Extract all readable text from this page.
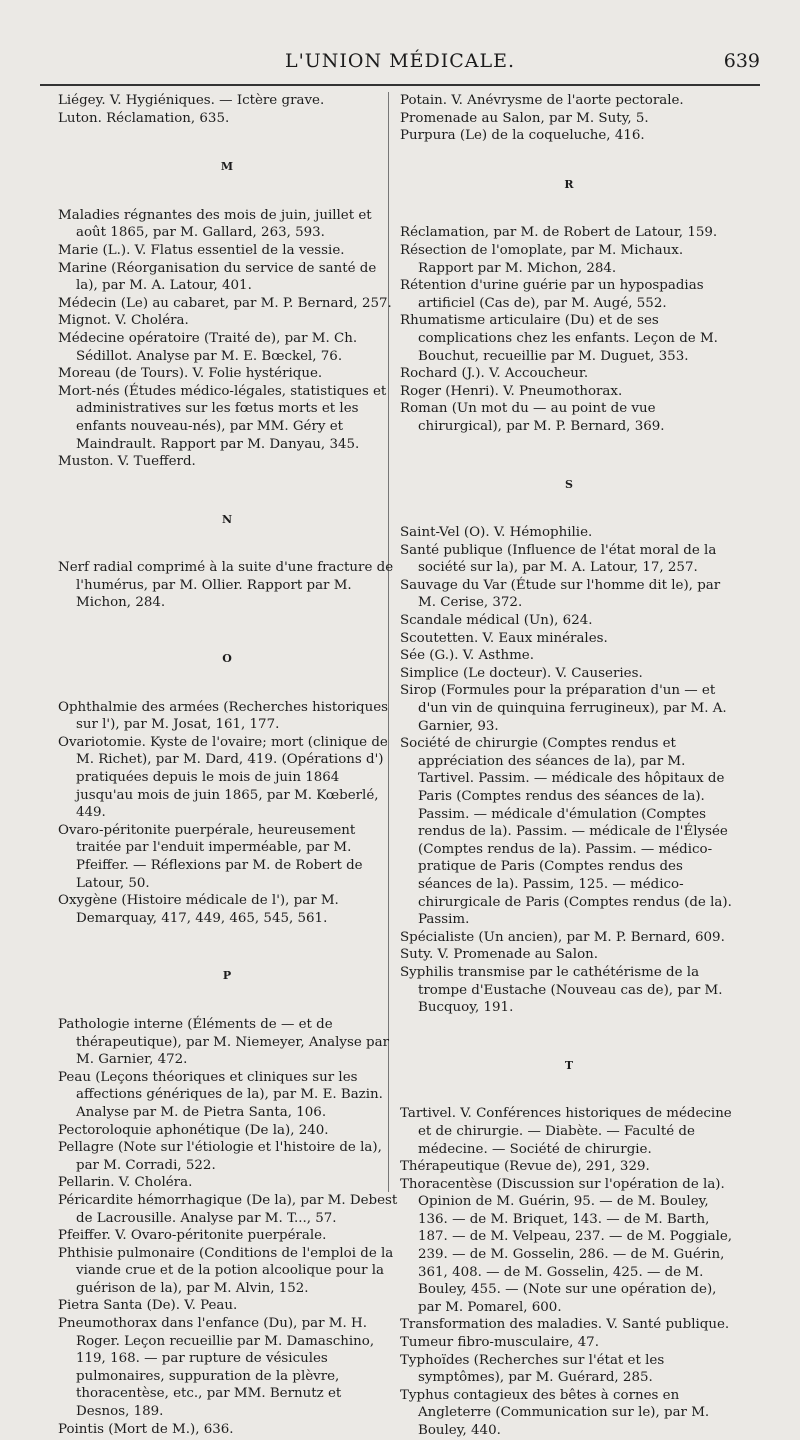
L'UNION MÉDICALE.	639

Liégey. V. Hygiéniques. — Ictère grave.

Luton. Réclamation, 635.

M

Maladies régnantes des mois de juin, juillet et août 1865, par M. Gallard, 263, 593.

Marie (L.). V. Flatus essentiel de la vessie.

Marine (Réorganisation du service de santé de la), par M. A. Latour, 401.

Médecin (Le) au cabaret, par M. P. Bernard, 257.

Mignot. V. Choléra.

Médecine opératoire (Traité de), par M. Ch. Sédillot. Analyse par M. E. Bœckel, 76.

Moreau (de Tours). V. Folie hystérique.

Mort-nés (Études médico-légales, statistiques et administratives sur les fœtus morts et les enfants nouveau-nés), par MM. Géry et Maindrault. Rapport par M. Danyau, 345.

Muston. V. Tuefferd.

N

Nerf radial comprimé à la suite d'une fracture de l'humérus, par M. Ollier. Rapport par M. Michon, 284.

O

Ophthalmie des armées (Recherches historiques sur l'), par M. Josat, 161, 177.

Ovariotomie. Kyste de l'ovaire; mort (clinique de M. Richet), par M. Dard, 419. (Opérations d') pratiquées depuis le mois de juin 1864 jusqu'au mois de juin 1865, par M. Kœberlé, 449.

Ovaro-péritonite puerpérale, heureusement traitée par l'enduit imperméable, par M. Pfeiffer. — Réflexions par M. de Robert de Latour, 50.

Oxygène (Histoire médicale de l'), par M. Demarquay, 417, 449, 465, 545, 561.

P

Pathologie interne (Éléments de — et de thérapeutique), par M. Niemeyer, Analyse par M. Garnier, 472.

Peau (Leçons théoriques et cliniques sur les affections génériques de la), par M. E. Bazin. Analyse par M. de Pietra Santa, 106.

Pectoroloquie aphonétique (De la), 240.

Pellagre (Note sur l'étiologie et l'histoire de la), par M. Corradi, 522.

Pellarin. V. Choléra.

Péricardite hémorrhagique (De la), par M. Debest de Lacrousille. Analyse par M. T..., 57.

Pfeiffer. V. Ovaro-péritonite puerpérale.

Phthisie pulmonaire (Conditions de l'emploi de la viande crue et de la potion alcoolique pour la guérison de la), par M. Alvin, 152.

Pietra Santa (De). V. Peau.

Pneumothorax dans l'enfance (Du), par M. H. Roger. Leçon recueillie par M. Damaschino, 119, 168. — par rupture de vésicules pulmonaires, suppuration de la plèvre, thoracentèse, etc., par MM. Bernutz et Desnos, 189.

Pointis (Mort de M.), 636.

Potain. V. Anévrysme de l'aorte pectorale.

Promenade au Salon, par M. Suty, 5.

Purpura (Le) de la coqueluche, 416.

R

Réclamation, par M. de Robert de Latour, 159.

Résection de l'omoplate, par M. Michaux. Rapport par M. Michon, 284.

Rétention d'urine guérie par un hypospadias artificiel (Cas de), par M. Augé, 552.

Rhumatisme articulaire (Du) et de ses complications chez les enfants. Leçon de M. Bouchut, recueillie par M. Duguet, 353.

Rochard (J.). V. Accoucheur.

Roger (Henri). V. Pneumothorax.

Roman (Un mot du — au point de vue chirurgical), par M. P. Bernard, 369.

S

Saint-Vel (O). V. Hémophilie.

Santé publique (Influence de l'état moral de la société sur la), par M. A. Latour, 17, 257.

Sauvage du Var (Étude sur l'homme dit le), par M. Cerise, 372.

Scandale médical (Un), 624.

Scoutetten. V. Eaux minérales.

Sée (G.). V. Asthme.

Simplice (Le docteur). V. Causeries.

Sirop (Formules pour la préparation d'un — et d'un vin de quinquina ferrugineux), par M. A. Garnier, 93.

Société de chirurgie (Comptes rendus et appréciation des séances de la), par M. Tartivel. Passim. — médicale des hôpitaux de Paris (Comptes rendus des séances de la). Passim. — médicale d'émulation (Comptes rendus de la). Passim. — médicale de l'Élysée (Comptes rendus de la). Passim. — médico-pratique de Paris (Comptes rendus des séances de la). Passim, 125. — médico-chirurgicale de Paris (Comptes rendus (de la). Passim.

Spécialiste (Un ancien), par M. P. Bernard, 609.

Suty. V. Promenade au Salon.

Syphilis transmise par le cathétérisme de la trompe d'Eustache (Nouveau cas de), par M. Bucquoy, 191.

T

Tartivel. V. Conférences historiques de médecine et de chirurgie. — Diabète. — Faculté de médecine. — Société de chirurgie.

Thérapeutique (Revue de), 291, 329.

Thoracentèse (Discussion sur l'opération de la). Opinion de M. Guérin, 95. — de M. Bouley, 136. — de M. Briquet, 143. — de M. Barth, 187. — de M. Velpeau, 237. — de M. Poggiale, 239. — de M. Gosselin, 286. — de M. Guérin, 361, 408. — de M. Gosselin, 425. — de M. Bouley, 455. — (Note sur une opération de), par M. Pomarel, 600.

Transformation des maladies. V. Santé publique.

Tumeur fibro-musculaire, 47.

Typhoïdes (Recherches sur l'état et les symptômes), par M. Guérard, 285.

Typhus contagieux des bêtes à cornes en Angleterre (Communication sur le), par M. Bouley, 440.
